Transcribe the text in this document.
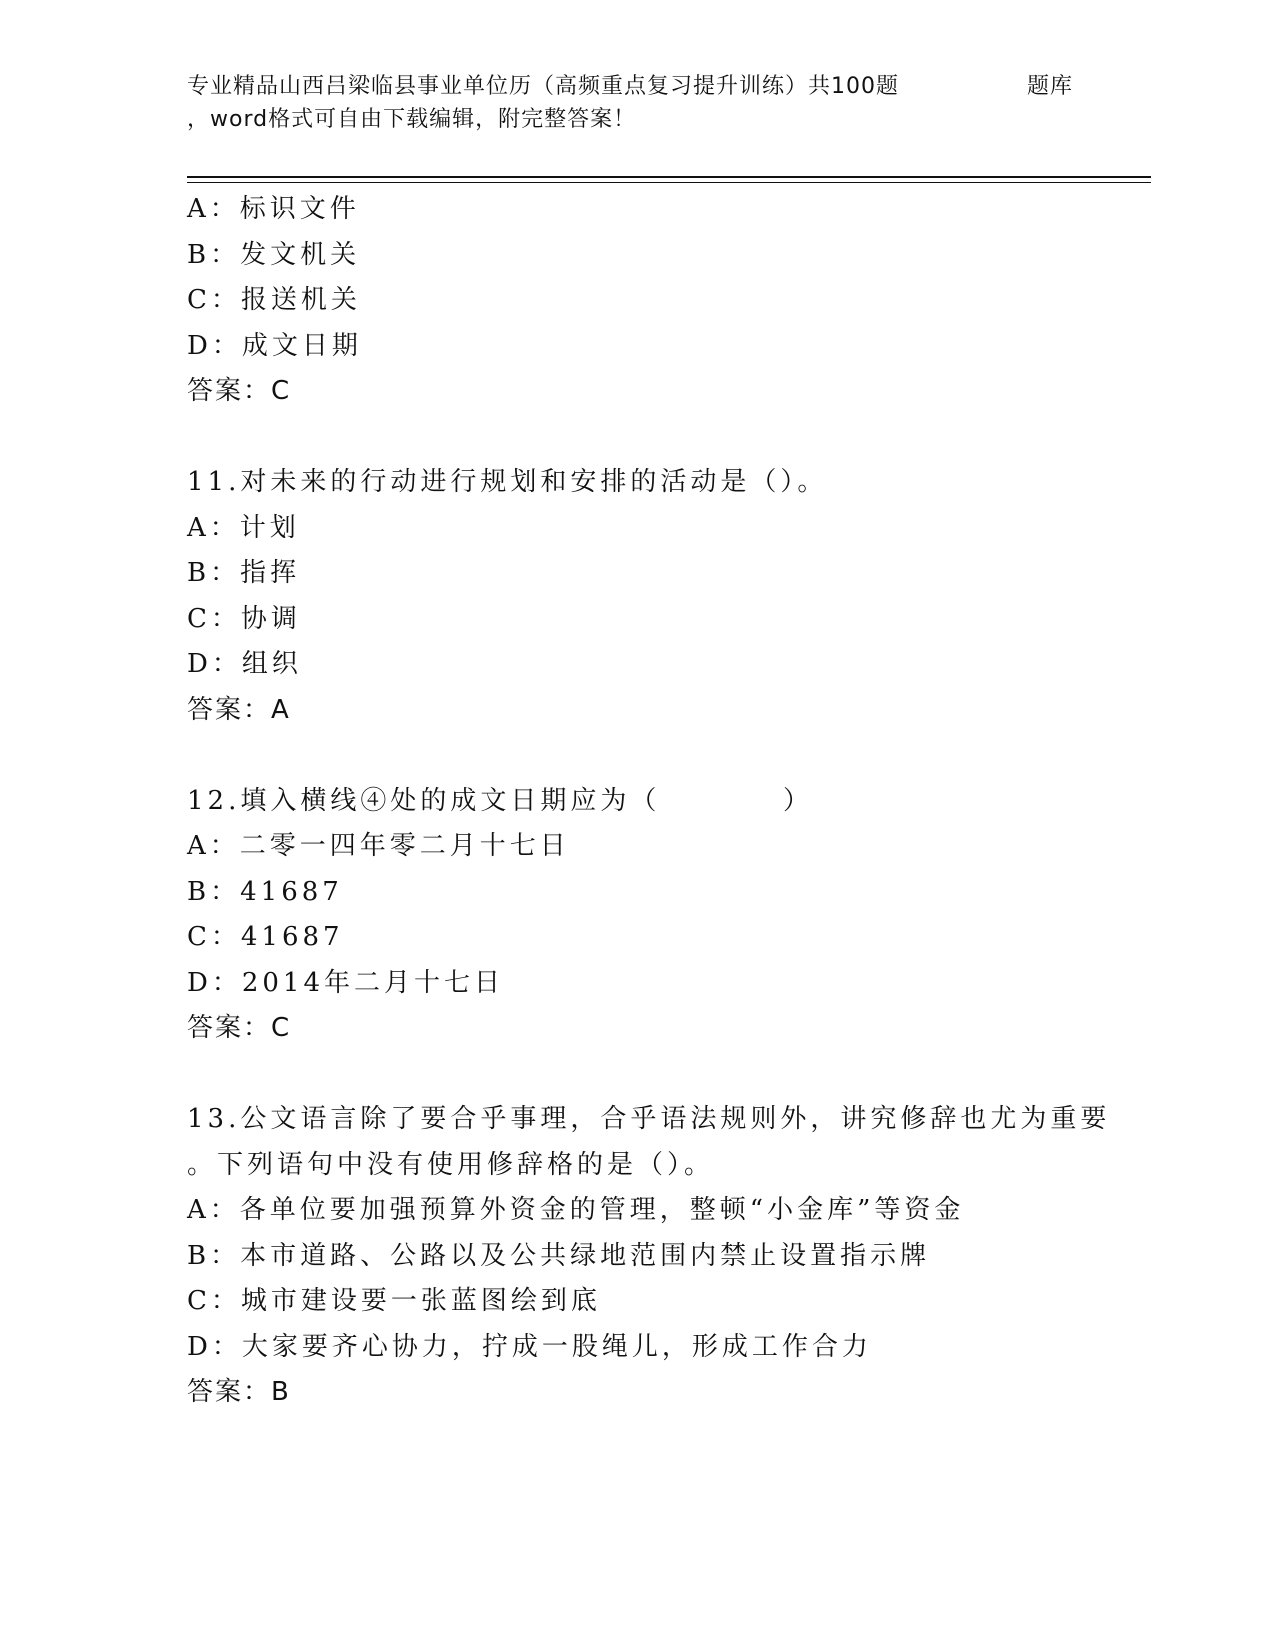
专业精品山西吕梁临县事业单位历（高频重点复习提升训练）共100题	题库
，word格式可自由下载编辑，附完整答案！
A：标识文件
B：发文机关
C：报送机关
D：成文日期
答案：C
11.对未来的行动进行规划和安排的活动是（）。
A：计划
B：指挥
C：协调
D：组织
答案：A
12.填入横线④处的成文日期应为（          ）
A：二零一四年零二月十七日
B：41687
C：41687
D：2014年二月十七日
答案：C
13.公文语言除了要合乎事理，合乎语法规则外，讲究修辞也尤为重要
。下列语句中没有使用修辞格的是（）。
A：各单位要加强预算外资金的管理，整顿“小金库”等资金
B：本市道路、公路以及公共绿地范围内禁止设置指示牌
C：城市建设要一张蓝图绘到底
D：大家要齐心协力，拧成一股绳儿，形成工作合力
答案：B
